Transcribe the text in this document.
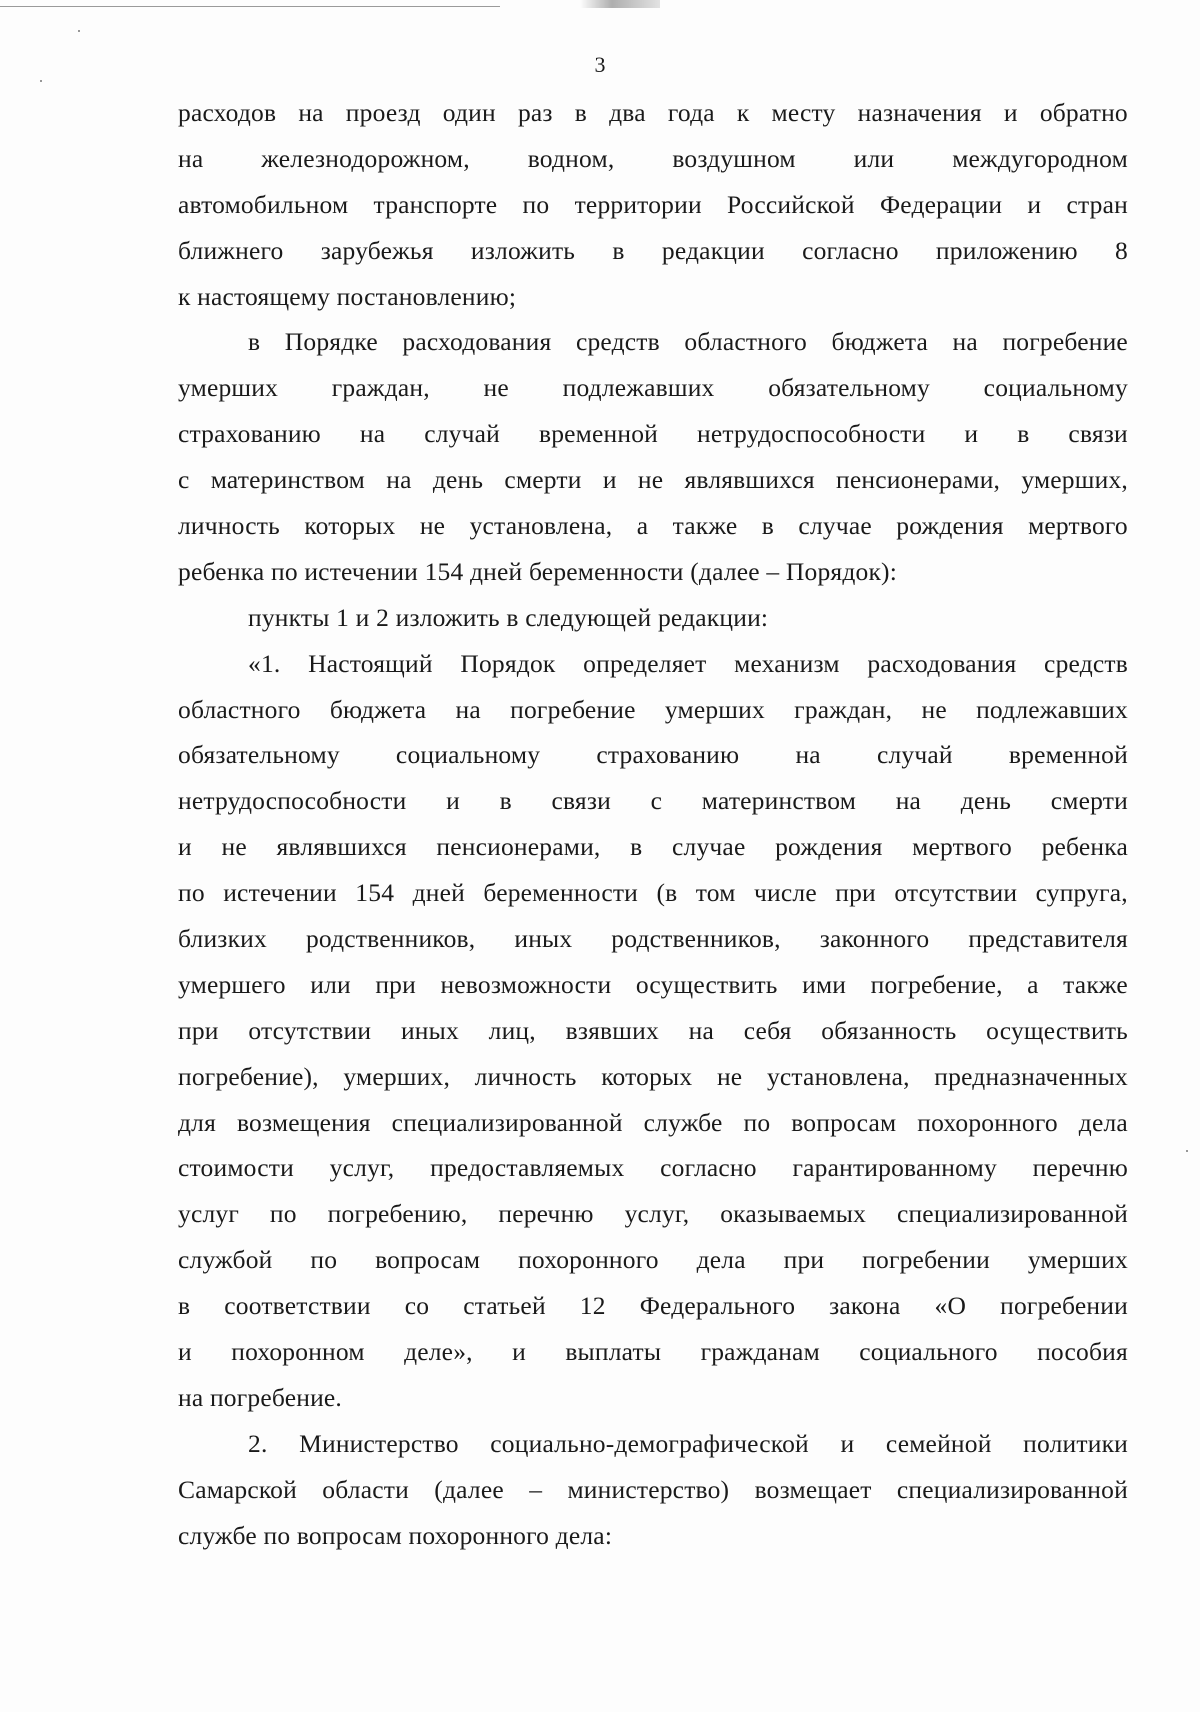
3
расходов на проезд один раз в два года к месту назначения и обратно
на железнодорожном, водном, воздушном или междугородном
автомобильном транспорте по территории Российской Федерации и стран
ближнего зарубежья изложить в редакции согласно приложению 8
к настоящему постановлению;
в Порядке расходования средств областного бюджета на погребение
умерших граждан, не подлежавших обязательному социальному
страхованию на случай временной нетрудоспособности и в связи
с материнством на день смерти и не являвшихся пенсионерами, умерших,
личность которых не установлена, а также в случае рождения мертвого
ребенка по истечении 154 дней беременности (далее – Порядок):
пункты 1 и 2 изложить в следующей редакции:
«1. Настоящий Порядок определяет механизм расходования средств
областного бюджета на погребение умерших граждан, не подлежавших
обязательному социальному страхованию на случай временной
нетрудоспособности и в связи с материнством на день смерти
и не являвшихся пенсионерами, в случае рождения мертвого ребенка
по истечении 154 дней беременности (в том числе при отсутствии супруга,
близких родственников, иных родственников, законного представителя
умершего или при невозможности осуществить ими погребение, а также
при отсутствии иных лиц, взявших на себя обязанность осуществить
погребение), умерших, личность которых не установлена, предназначенных
для возмещения специализированной службе по вопросам похоронного дела
стоимости услуг, предоставляемых согласно гарантированному перечню
услуг по погребению, перечню услуг, оказываемых специализированной
службой по вопросам похоронного дела при погребении умерших
в соответствии со статьей 12 Федерального закона «О погребении
и похоронном деле», и выплаты гражданам социального пособия
на погребение.
2. Министерство социально-демографической и семейной политики
Самарской области (далее – министерство) возмещает специализированной
службе по вопросам похоронного дела:
